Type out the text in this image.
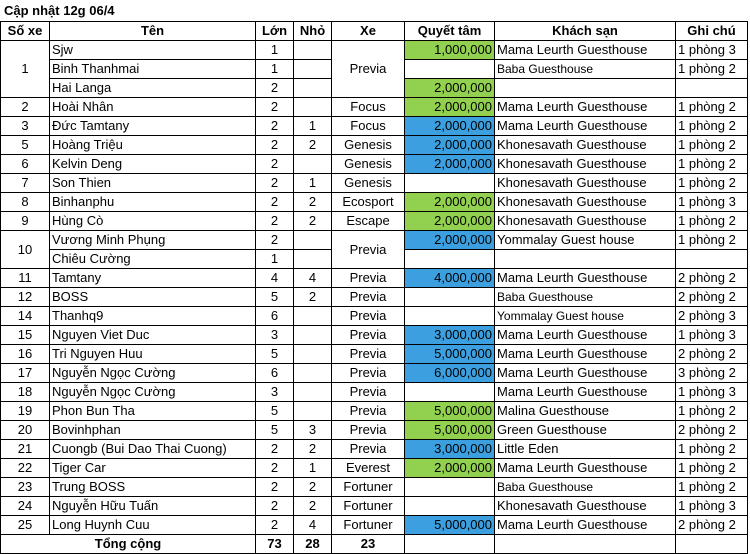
Cập nhật 12g 06/4
Số xe	Tên	Lớn	Nhỏ	Xe	Quyết tâm	Khách sạn	Ghi chú
1	Sjw	1		Previa	1,000,000	Mama Leurth Guesthouse	1 phòng 3
	Binh Thanhmai	1				Baba Guesthouse	1 phòng 2
	Hai Langa	2			2,000,000		
2	Hoài Nhân	2		Focus	2,000,000	Mama Leurth Guesthouse	1 phòng 2
3	Đức Tamtany	2	1	Focus	2,000,000	Mama Leurth Guesthouse	1 phòng 2
5	Hoàng Triệu	2	2	Genesis	2,000,000	Khonesavath Guesthouse	1 phòng 2
6	Kelvin Deng	2		Genesis	2,000,000	Khonesavath Guesthouse	1 phòng 2
7	Son Thien	2	1	Genesis		Khonesavath Guesthouse	1 phòng 2
8	Binhanphu	2	2	Ecosport	2,000,000	Khonesavath Guesthouse	1 phòng 3
9	Hùng Cò	2	2	Escape	2,000,000	Khonesavath Guesthouse	1 phòng 2
10	Vương Minh Phụng	2		Previa	2,000,000	Yommalay Guest house	1 phòng 2
	Chiêu Cường	1					
11	Tamtany	4	4	Previa	4,000,000	Mama Leurth Guesthouse	2 phòng 2
12	BOSS	5	2	Previa		Baba Guesthouse	2 phòng 2
14	Thanhq9	6		Previa		Yommalay Guest house	2 phòng 3
15	Nguyen Viet Duc	3		Previa	3,000,000	Mama Leurth Guesthouse	1 phòng 3
16	Tri Nguyen Huu	5		Previa	5,000,000	Mama Leurth Guesthouse	2 phòng 2
17	Nguyễn Ngọc Cường	6		Previa	6,000,000	Mama Leurth Guesthouse	3 phòng 2
18	Nguyễn Ngọc Cường	3		Previa		Mama Leurth Guesthouse	1 phòng 3
19	Phon Bun Tha	5		Previa	5,000,000	Malina Guesthouse	1 phòng 2
20	Bovinhphan	5	3	Previa	5,000,000	Green Guesthouse	2 phòng 2
21	Cuongb (Bui Dao Thai Cuong)	2	2	Previa	3,000,000	Little Eden	1 phòng 2
22	Tiger Car	2	1	Everest	2,000,000	Mama Leurth Guesthouse	1 phòng 2
23	Trung BOSS	2	2	Fortuner		Baba Guesthouse	1 phòng 2
24	Nguyễn Hữu Tuấn	2	2	Fortuner		Khonesavath Guesthouse	1 phòng 3
25	Long Huynh Cuu	2	4	Fortuner	5,000,000	Mama Leurth Guesthouse	2 phòng 2
Tổng cộng		73	28	23			
